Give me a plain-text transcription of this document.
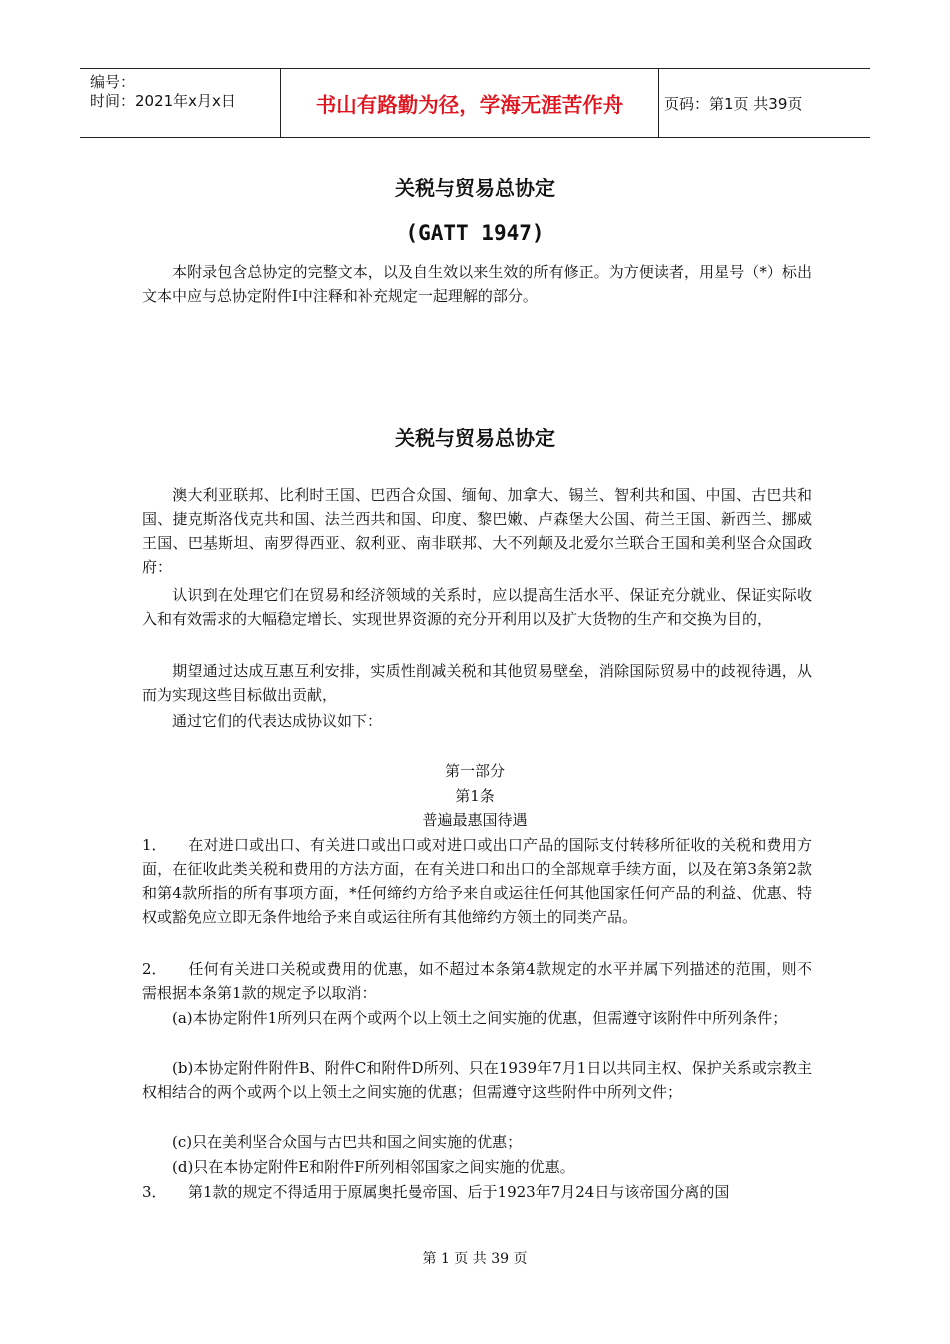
编号：
时间：2021年x月x日	书山有路勤为径，学海无涯苦作舟	页码：第1页 共39页
关税与贸易总协定
(GATT 1947)
本附录包含总协定的完整文本，以及自生效以来生效的所有修正。为方便读者，用星号（*）标出文本中应与总协定附件Ⅰ中注释和补充规定一起理解的部分。
关税与贸易总协定
澳大利亚联邦、比利时王国、巴西合众国、缅甸、加拿大、锡兰、智利共和国、中国、古巴共和国、捷克斯洛伐克共和国、法兰西共和国、印度、黎巴嫩、卢森堡大公国、荷兰王国、新西兰、挪威王国、巴基斯坦、南罗得西亚、叙利亚、南非联邦、大不列颠及北爱尔兰联合王国和美利坚合众国政府：
认识到在处理它们在贸易和经济领域的关系时，应以提高生活水平、保证充分就业、保证实际收入和有效需求的大幅稳定增长、实现世界资源的充分开利用以及扩大货物的生产和交换为目的，
期望通过达成互惠互利安排，实质性削减关税和其他贸易壁垒，消除国际贸易中的歧视待遇，从而为实现这些目标做出贡献，
通过它们的代表达成协议如下：
第一部分
第1条
普遍最惠国待遇
1． 在对进口或出口、有关进口或出口或对进口或出口产品的国际支付转移所征收的关税和费用方面，在征收此类关税和费用的方法方面，在有关进口和出口的全部规章手续方面，以及在第3条第2款和第4款所指的所有事项方面，*任何缔约方给予来自或运往任何其他国家任何产品的利益、优惠、特权或豁免应立即无条件地给予来自或运往所有其他缔约方领土的同类产品。
2． 任何有关进口关税或费用的优惠，如不超过本条第4款规定的水平并属下列描述的范围，则不需根据本条第1款的规定予以取消：
(a)本协定附件1所列只在两个或两个以上领土之间实施的优惠，但需遵守该附件中所列条件；
(b)本协定附件附件B、附件C和附件D所列、只在1939年7月1日以共同主权、保护关系或宗教主权相结合的两个或两个以上领土之间实施的优惠；但需遵守这些附件中所列文件；
(c)只在美利坚合众国与古巴共和国之间实施的优惠；
(d)只在本协定附件E和附件F所列相邻国家之间实施的优惠。
3． 第1款的规定不得适用于原属奥托曼帝国、后于1923年7月24日与该帝国分离的国
第 1 页 共 39 页
